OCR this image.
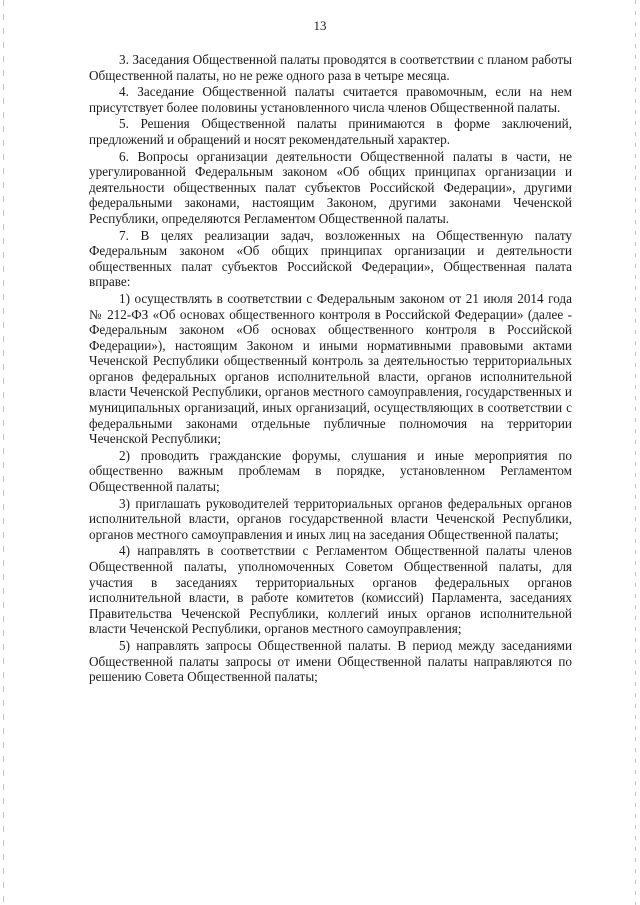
13

3. Заседания Общественной палаты проводятся в соответствии с планом работы Общественной палаты, но не реже одного раза в четыре месяца.

4. Заседание Общественной палаты считается правомочным, если на нем присутствует более половины установленного числа членов Общественной палаты.

5. Решения Общественной палаты принимаются в форме заключений, предложений и обращений и носят рекомендательный характер.

6. Вопросы организации деятельности Общественной палаты в части, не урегулированной Федеральным законом «Об общих принципах организации и деятельности общественных палат субъектов Российской Федерации», другими федеральными законами, настоящим Законом, другими законами Чеченской Республики, определяются Регламентом Общественной палаты.

7. В целях реализации задач, возложенных на Общественную палату Федеральным законом «Об общих принципах организации и деятельности общественных палат субъектов Российской Федерации», Общественная палата вправе:

1) осуществлять в соответствии с Федеральным законом от 21 июля 2014 года № 212-ФЗ «Об основах общественного контроля в Российской Федерации» (далее - Федеральным законом «Об основах общественного контроля в Российской Федерации»), настоящим Законом и иными нормативными правовыми актами Чеченской Республики общественный контроль за деятельностью территориальных органов федеральных органов исполнительной власти, органов исполнительной власти Чеченской Республики, органов местного самоуправления, государственных и муниципальных организаций, иных организаций, осуществляющих в соответствии с федеральными законами отдельные публичные полномочия на территории Чеченской Республики;

2) проводить гражданские форумы, слушания и иные мероприятия по общественно важным проблемам в порядке, установленном Регламентом Общественной палаты;

3) приглашать руководителей территориальных органов федеральных органов исполнительной власти, органов государственной власти Чеченской Республики, органов местного самоуправления и иных лиц на заседания Общественной палаты;

4) направлять в соответствии с Регламентом Общественной палаты членов Общественной палаты, уполномоченных Советом Общественной палаты, для участия в заседаниях территориальных органов федеральных органов исполнительной власти, в работе комитетов (комиссий) Парламента, заседаниях Правительства Чеченской Республики, коллегий иных органов исполнительной власти Чеченской Республики, органов местного самоуправления;

5) направлять запросы Общественной палаты. В период между заседаниями Общественной палаты запросы от имени Общественной палаты направляются по решению Совета Общественной палаты;
